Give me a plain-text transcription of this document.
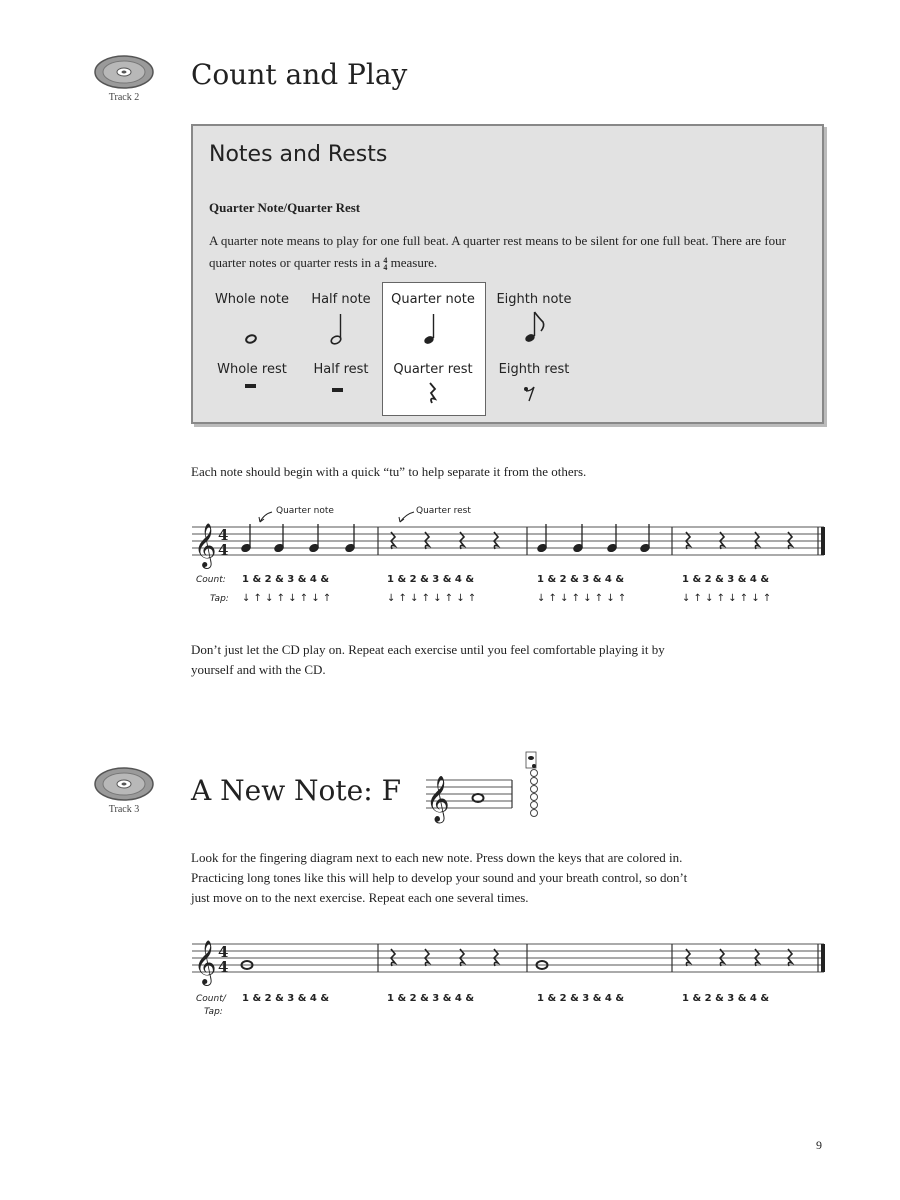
Track 2
Count and Play
Notes and Rests
Quarter Note/Quarter Rest
A quarter note means to play for one full beat. A quarter rest means to be silent for one full beat. There are four quarter notes or quarter rests in a 4
4 measure.
Whole note	Half note	Quarter note	Eighth note
Whole rest	Half rest	Quarter rest	Eighth rest
Each note should begin with a quick “tu” to help separate it from the others.
𝄞 4
4
Quarter note	Quarter rest
Count:
Tap:
1 & 2 & 3 & 4 &	1 & 2 & 3 & 4 &	1 & 2 & 3 & 4 &	1 & 2 & 3 & 4 &
↓ ↑ ↓ ↑ ↓ ↑ ↓ ↑	↓ ↑ ↓ ↑ ↓ ↑ ↓ ↑	↓ ↑ ↓ ↑ ↓ ↑ ↓ ↑	↓ ↑ ↓ ↑ ↓ ↑ ↓ ↑
Don’t just let the CD play on. Repeat each exercise until you feel comfortable playing it by
yourself and with the CD.
Track 3
A New Note: F 𝄞
Look for the fingering diagram next to each new note. Press down the keys that are colored in.
Practicing long tones like this will help to develop your sound and your breath control, so don’t
just move on to the next exercise. Repeat each one several times.
𝄞 4
4
Count/
Tap:
1 & 2 & 3 & 4 &	1 & 2 & 3 & 4 &	1 & 2 & 3 & 4 &	1 & 2 & 3 & 4 &
9
